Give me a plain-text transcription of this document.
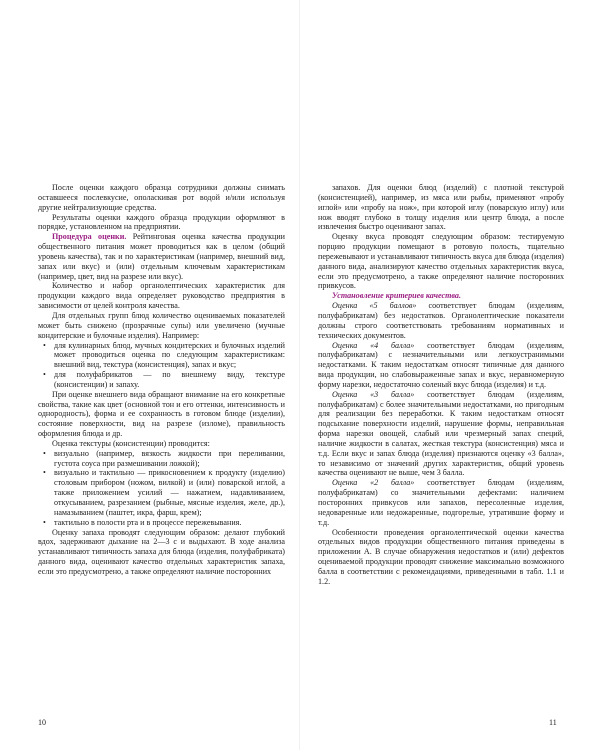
После оценки каждого образца сотрудники должны снимать оставшееся послевкусие, ополаскивая рот водой и/или используя другие нейтрализующие средства.

Результаты оценки каждого образца продукции оформляют в порядке, установленном на предприятии.

Процедура оценки. Рейтинговая оценка качества продукции общественного питания может проводиться как в целом (общий уровень качества), так и по характеристикам (например, внешний вид, запах или вкус) и (или) отдельным ключевым характеристикам (например, цвет, вид на разрезе или вкус).

Количество и набор органолептических характеристик для продукции каждого вида определяет руководство предприятия в зависимости от целей контроля качества.

Для отдельных групп блюд количество оцениваемых показателей может быть снижено (прозрачные супы) или увеличено (мучные кондитерские и булочные изделия). Например:

• для кулинарных блюд, мучных кондитерских и булочных изделий может проводиться оценка по следующим характеристикам: внешний вид, текстура (консистенция), запах и вкус;
• для полуфабрикатов — по внешнему виду, текстуре (консистенции) и запаху.

При оценке внешнего вида обращают внимание на его конкретные свойства, такие как цвет (основной тон и его оттенки, интенсивность и однородность), форма и ее сохранность в готовом блюде (изделии), состояние поверхности, вид на разрезе (изломе), правильность оформления блюда и др.

Оценка текстуры (консистенции) проводится:

• визуально (например, вязкость жидкости при переливании, густота соуса при размешивании ложкой);
• визуально и тактильно — прикосновением к продукту (изделию) столовым прибором (ножом, вилкой) и (или) поварской иглой, а также приложением усилий — нажатием, надавливанием, откусыванием, разрезанием (рыбные, мясные изделия, желе, др.), намазыванием (паштет, икра, фарш, крем);
• тактильно в полости рта и в процессе пережевывания.

Оценку запаха проводят следующим образом: делают глубокий вдох, задерживают дыхание на 2—3 с и выдыхают. В ходе анализа устанавливают типичность запаха для блюда (изделия, полуфабриката) данного вида, оценивают качество отдельных характеристик запаха, если это предусмотрено, а также определяют наличие посторонних

10

запахов. Для оценки блюд (изделий) с плотной текстурой (консистенцией), например, из мяса или рыбы, применяют «пробу иглой» или «пробу на нож», при которой иглу (поварскую иглу) или нож вводят глубоко в толщу изделия или центр блюда, а после извлечения быстро оценивают запах.

Оценку вкуса проводят следующим образом: тестируемую порцию продукции помещают в ротовую полость, тщательно пережевывают и устанавливают типичность вкуса для блюда (изделия) данного вида, анализируют качество отдельных характеристик вкуса, если это предусмотрено, а также определяют наличие посторонних привкусов.

Установление критериев качества.

Оценка «5 баллов» соответствует блюдам (изделиям, полуфабрикатам) без недостатков. Органолептические показатели должны строго соответствовать требованиям нормативных и технических документов.

Оценка «4 балла» соответствует блюдам (изделиям, полуфабрикатам) с незначительными или легкоустранимыми недостатками. К таким недостаткам относят типичные для данного вида продукции, но слабовыраженные запах и вкус, неравномерную форму нарезки, недостаточно соленый вкус блюда (изделия) и т.д.

Оценка «3 балла» соответствует блюдам (изделиям, полуфабрикатам) с более значительными недостатками, но пригодным для реализации без переработки. К таким недостаткам относят подсыхание поверхности изделий, нарушение формы, неправильная форма нарезки овощей, слабый или чрезмерный запах специй, наличие жидкости в салатах, жесткая текстура (консистенция) мяса и т.д. Если вкус и запах блюда (изделия) признаются оценку «3 балла», то независимо от значений других характеристик, общий уровень качества оценивают не выше, чем 3 балла.

Оценка «2 балла» соответствует блюдам (изделиям, полуфабрикатам) со значительными дефектами: наличием посторонних привкусов или запахов, пересоленные изделия, недоваренные или недожаренные, подгорелые, утратившие форму и т.д.

Особенности проведения органолептической оценки качества отдельных видов продукции общественного питания приведены в приложении А. В случае обнаружения недостатков и (или) дефектов оцениваемой продукции проводят снижение максимально возможного балла в соответствии с рекомендациями, приведенными в табл. 1.1 и 1.2.

11
